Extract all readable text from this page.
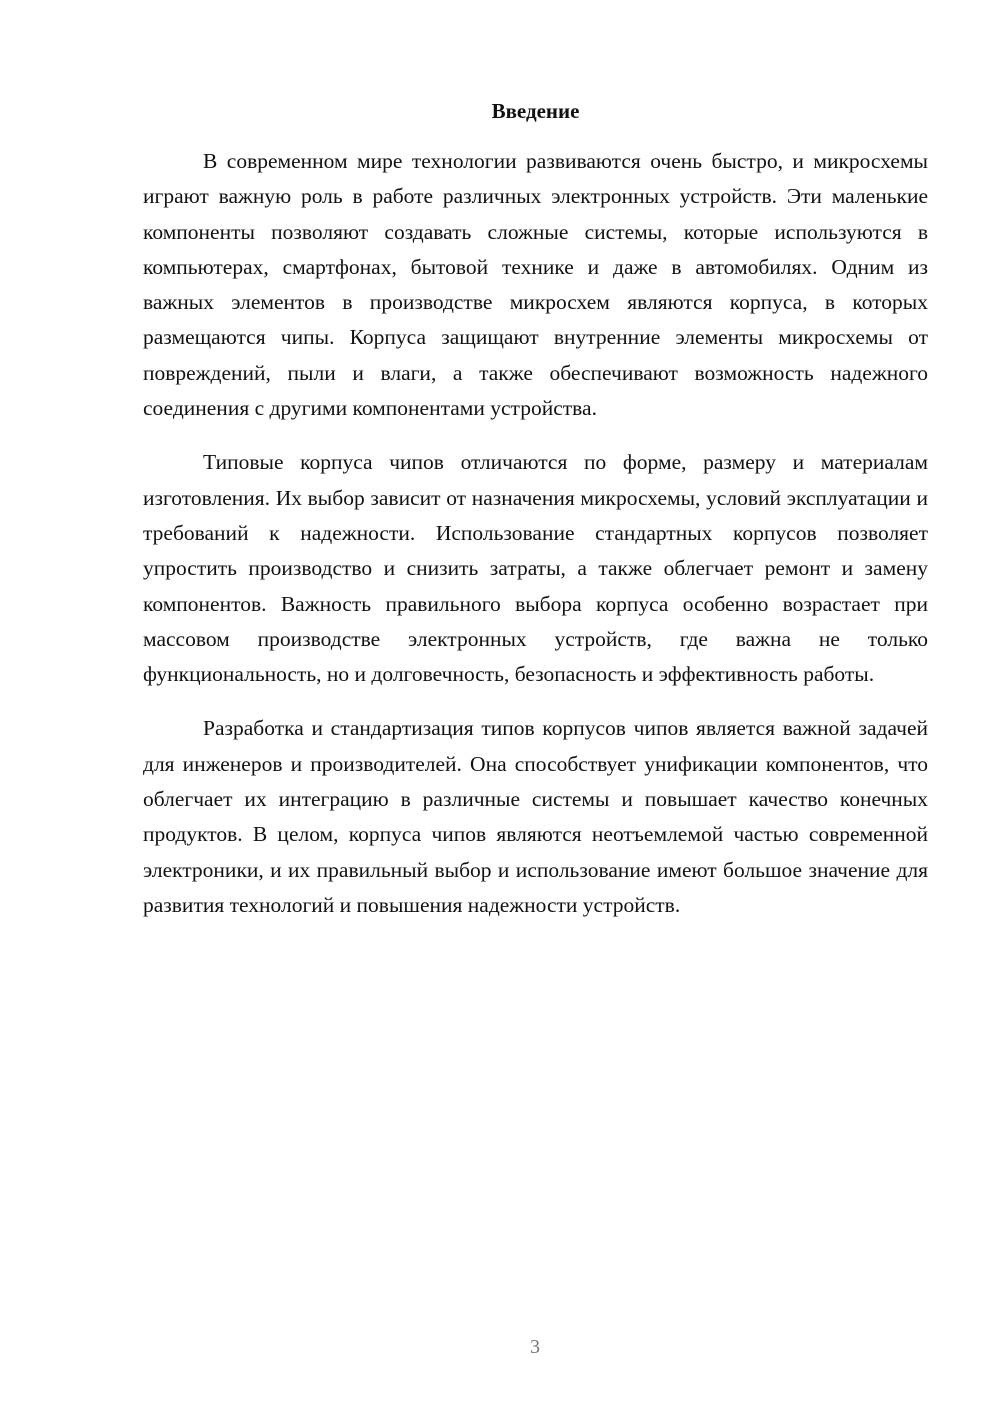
Введение

В современном мире технологии развиваются очень быстро, и микросхемы играют важную роль в работе различных электронных устройств. Эти маленькие компоненты позволяют создавать сложные системы, которые используются в компьютерах, смартфонах, бытовой технике и даже в автомобилях. Одним из важных элементов в производстве микросхем являются корпуса, в которых размещаются чипы. Корпуса защищают внутренние элементы микросхемы от повреждений, пыли и влаги, а также обеспечивают возможность надежного соединения с другими компонентами устройства.

Типовые корпуса чипов отличаются по форме, размеру и материалам изготовления. Их выбор зависит от назначения микросхемы, условий эксплуатации и требований к надежности. Использование стандартных корпусов позволяет упростить производство и снизить затраты, а также облегчает ремонт и замену компонентов. Важность правильного выбора корпуса особенно возрастает при массовом производстве электронных устройств, где важна не только функциональность, но и долговечность, безопасность и эффективность работы.

Разработка и стандартизация типов корпусов чипов является важной задачей для инженеров и производителей. Она способствует унификации компонентов, что облегчает их интеграцию в различные системы и повышает качество конечных продуктов. В целом, корпуса чипов являются неотъемлемой частью современной электроники, и их правильный выбор и использование имеют большое значение для развития технологий и повышения надежности устройств.

3
